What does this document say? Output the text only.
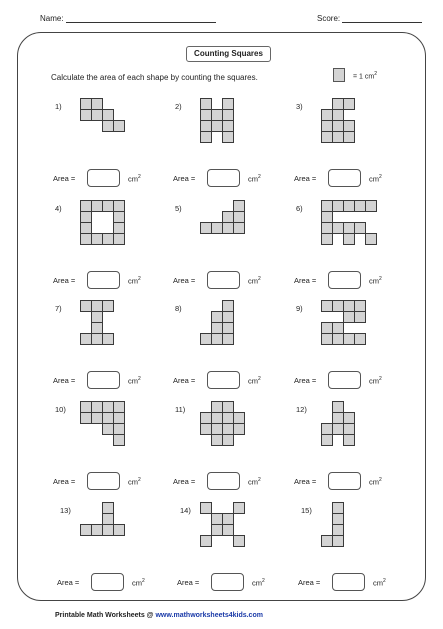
Name:	Score:
Counting Squares
Calculate the area of each shape by counting the squares.	= 1 $cm^2$
1)
Area =	$cm^2$
2)
Area =	$cm^2$
3)
Area =	$cm^2$
4)
Area =	$cm^2$
5)
Area =	$cm^2$
6)
Area =	$cm^2$
7)
Area =	$cm^2$
8)
Area =	$cm^2$
9)
Area =	$cm^2$
10)
Area =	$cm^2$
11)
Area =	$cm^2$
12)
Area =	$cm^2$
13)
Area =	$cm^2$
14)
Area =	$cm^2$
15)
Area =	$cm^2$
Printable Math Worksheets @ www.mathworksheets4kids.com
